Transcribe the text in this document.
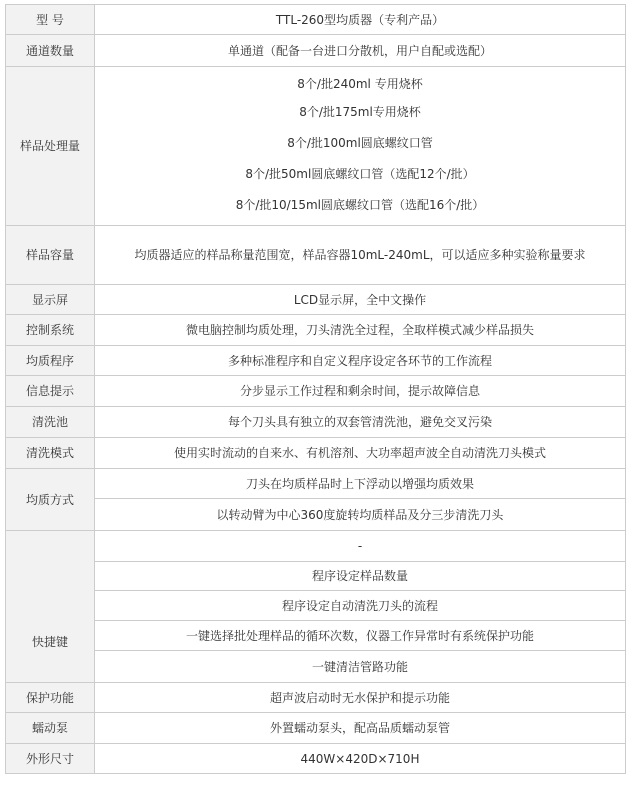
型 号	TTL-260型均质器（专利产品）
通道数量	单通道（配备一台进口分散机，用户自配或选配）
样品处理量	8个/批240ml 专用烧杯
8个/批175ml专用烧杯
8个/批100ml圆底螺纹口管
8个/批50ml圆底螺纹口管（选配12个/批）
8个/批10/15ml圆底螺纹口管（选配16个/批）

样品容量	均质器适应的样品称量范围宽，样品容器10mL-240mL，可以适应多种实验称量要求
显示屏	LCD显示屏，全中文操作
控制系统	微电脑控制均质处理，刀头清洗全过程，全取样模式减少样品损失
均质程序	多种标准程序和自定义程序设定各环节的工作流程
信息提示	分步显示工作过程和剩余时间，提示故障信息
清洗池	每个刀头具有独立的双套管清洗池，避免交叉污染
清洗模式	使用实时流动的自来水、有机溶剂、大功率超声波全自动清洗刀头模式
均质方式	刀头在均质样品时上下浮动以增强均质效果
	以转动臂为中心360度旋转均质样品及分三步清洗刀头
快捷键	-
	程序设定样品数量
	程序设定自动清洗刀头的流程
	一键选择批处理样品的循环次数，仪器工作异常时有系统保护功能
	一键清洁管路功能
保护功能	超声波启动时无水保护和提示功能
蠕动泵	外置蠕动泵头，配高品质蠕动泵管
外形尺寸	440W×420D×710H
